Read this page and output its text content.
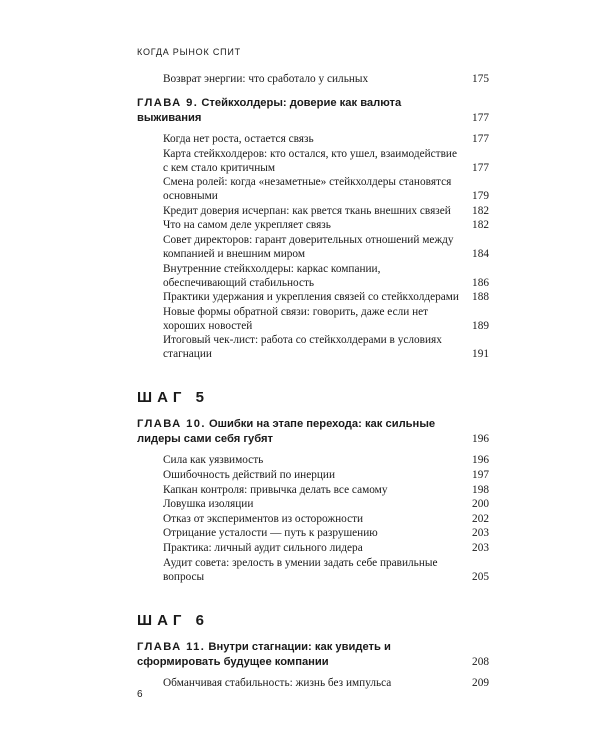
КОГДА РЫНОК СПИТ
Возврат энергии: что сработало у сильных	175
ГЛАВА 9. Стейкхолдеры: доверие как валюта выживания	177
Когда нет роста, остается связь	177
Карта стейкхолдеров: кто остался, кто ушел, взаимодействие с кем стало критичным	177
Смена ролей: когда «незаметные» стейкхолдеры становятся основными	179
Кредит доверия исчерпан: как рвется ткань внешних связей	182
Что на самом деле укрепляет связь	182
Совет директоров: гарант доверительных отношений между компанией и внешним миром	184
Внутренние стейкхолдеры: каркас компании, обеспечивающий стабильность	186
Практики удержания и укрепления связей со стейкхолдерами	188
Новые формы обратной связи: говорить, даже если нет хороших новостей	189
Итоговый чек-лист: работа со стейкхолдерами в условиях стагнации	191
ШАГ 5
ГЛАВА 10. Ошибки на этапе перехода: как сильные лидеры сами себя губят	196
Сила как уязвимость	196
Ошибочность действий по инерции	197
Капкан контроля: привычка делать все самому	198
Ловушка изоляции	200
Отказ от экспериментов из осторожности	202
Отрицание усталости — путь к разрушению	203
Практика: личный аудит сильного лидера	203
Аудит совета: зрелость в умении задать себе правильные вопросы	205
ШАГ 6
ГЛАВА 11. Внутри стагнации: как увидеть и сформировать будущее компании	208
Обманчивая стабильность: жизнь без импульса	209
6
